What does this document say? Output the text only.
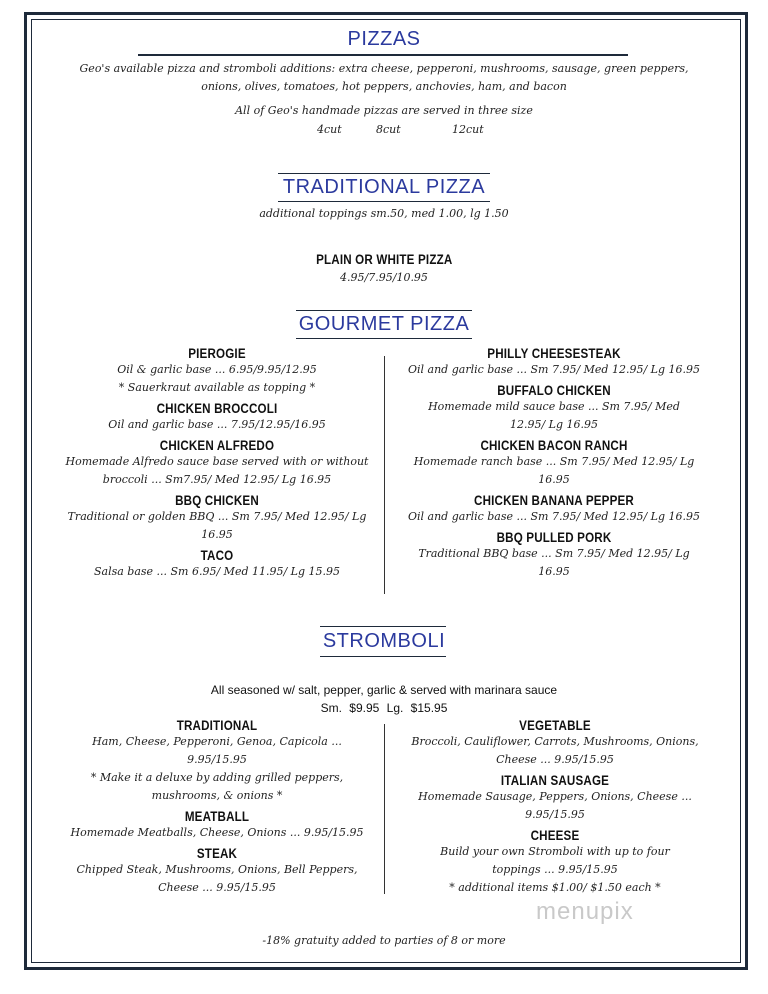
PIZZAS
Geo's available pizza and stromboli additions: extra cheese, pepperoni, mushrooms, sausage, green peppers, onions, olives, tomatoes, hot peppers, anchovies, ham, and bacon
All of Geo's handmade pizzas are served in three size
4cut	8cut	12cut
TRADITIONAL PIZZA
additional toppings sm.50, med 1.00, lg 1.50
PLAIN OR WHITE PIZZA
4.95/7.95/10.95
GOURMET PIZZA
PIEROGIE
Oil & garlic base ... 6.95/9.95/12.95
* Sauerkraut available as topping *
CHICKEN BROCCOLI
Oil and garlic base ... 7.95/12.95/16.95
CHICKEN ALFREDO
Homemade Alfredo sauce base served with or without broccoli ... Sm7.95/ Med 12.95/ Lg 16.95
BBQ CHICKEN
Traditional or golden BBQ ... Sm 7.95/ Med 12.95/ Lg 16.95
TACO
Salsa base ... Sm 6.95/ Med 11.95/ Lg 15.95
PHILLY CHEESESTEAK
Oil and garlic base ... Sm 7.95/ Med 12.95/ Lg 16.95
BUFFALO CHICKEN
Homemade mild sauce base ... Sm 7.95/ Med 12.95/ Lg 16.95
CHICKEN BACON RANCH
Homemade ranch base ... Sm 7.95/ Med 12.95/ Lg 16.95
CHICKEN BANANA PEPPER
Oil and garlic base ... Sm 7.95/ Med 12.95/ Lg 16.95
BBQ PULLED PORK
Traditional BBQ base ... Sm 7.95/ Med 12.95/ Lg 16.95
STROMBOLI
All seasoned w/ salt, pepper, garlic & served with marinara sauce
Sm. $9.95 Lg. $15.95
TRADITIONAL
Ham, Cheese, Pepperoni, Genoa, Capicola ... 9.95/15.95
* Make it a deluxe by adding grilled peppers, mushrooms, & onions *
MEATBALL
Homemade Meatballs, Cheese, Onions ... 9.95/15.95
STEAK
Chipped Steak, Mushrooms, Onions, Bell Peppers, Cheese ... 9.95/15.95
VEGETABLE
Broccoli, Cauliflower, Carrots, Mushrooms, Onions, Cheese ... 9.95/15.95
ITALIAN SAUSAGE
Homemade Sausage, Peppers, Onions, Cheese ... 9.95/15.95
CHEESE
Build your own Stromboli with up to four toppings ... 9.95/15.95
* additional items $1.00/ $1.50 each *
menupix
-18% gratuity added to parties of 8 or more
